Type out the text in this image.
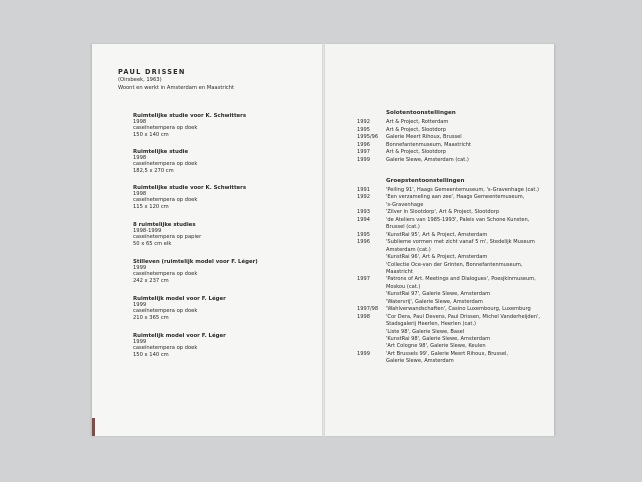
PAUL DRISSEN
(Oirsbeek, 1963)
Woont en werkt in Amsterdam en Maastricht
Ruimtelijke studie voor K. Schwitters
1998
caseïnetempera op doek
150 x 140 cm
Ruimtelijke studie
1998
caseïnetempera op doek
182,5 x 270 cm
Ruimtelijke studie voor K. Schwitters
1998
caseïnetempera op doek
115 x 120 cm
8 ruimtelijke studies
1998-1999
caseïnetempera op papier
50 x 65 cm elk
Stilleven (ruimtelijk model voor F. Léger)
1999
caseïnetempera op doek
242 x 237 cm
Ruimtelijk model voor F. Léger
1999
caseïnetempera op doek
210 x 365 cm
Ruimtelijk model voor F. Léger
1999
caseïnetempera op doek
150 x 140 cm
Solotentoonstellingen
1992	Art & Project, Rotterdam
1995	Art & Project, Slootdorp
1995/96 Galerie Meert Rihoux, Brussel
1996	Bonnefantenmuseum, Maastricht
1997	Art & Project, Slootdorp
1999	Galerie Slewe, Amsterdam (cat.)
Groepstentoonstellingen
1991	'Peiling 91', Haags Gemeentemuseum, 's-Gravenhage (cat.)
1992	'Een verzameling aan zee', Haags Gemeentemuseum,
's-Gravenhage
1993	'Zilver in Slootdorp', Art & Project, Slootdorp
1994	'de Ateliers van 1985-1993', Paleis van Schone Kunsten,
Brussel (cat.)
1995	'KunstRai 95', Art & Project, Amsterdam
1996	'Sublieme vormen met zicht vanaf 5 m', Stedelijk Museum
Amsterdam (cat.)
'KunstRai 96', Art & Project, Amsterdam
'Collectie Oce-van der Grinten, Bonnefantenmuseum,
Maastricht
1997	'Patrons of Art. Meetings and Dialogues', Poesjkinmuseum,
Moskou (cat.)
'KunstRai 97', Galerie Slewe, Amsterdam
'Watervrij', Galerie Slewe, Amsterdam
1997/98 'Wahlverwandschaften', Casino Luxembourg, Luxemburg
1998	'Cor Dera, Paul Devens, Paul Drissen, Michel Vanderheijden',
Stadsgalerij Heerlen, Heerlen (cat.)
'Liste 98', Galerie Slewe, Basel
'KunstRai 98', Galerie Slewe, Amsterdam
'Art Cologne 98', Galerie Slewe, Keulen
1999	'Art Brussels 99', Galerie Meert Rihoux, Brussel,
Galerie Slewe, Amsterdam
